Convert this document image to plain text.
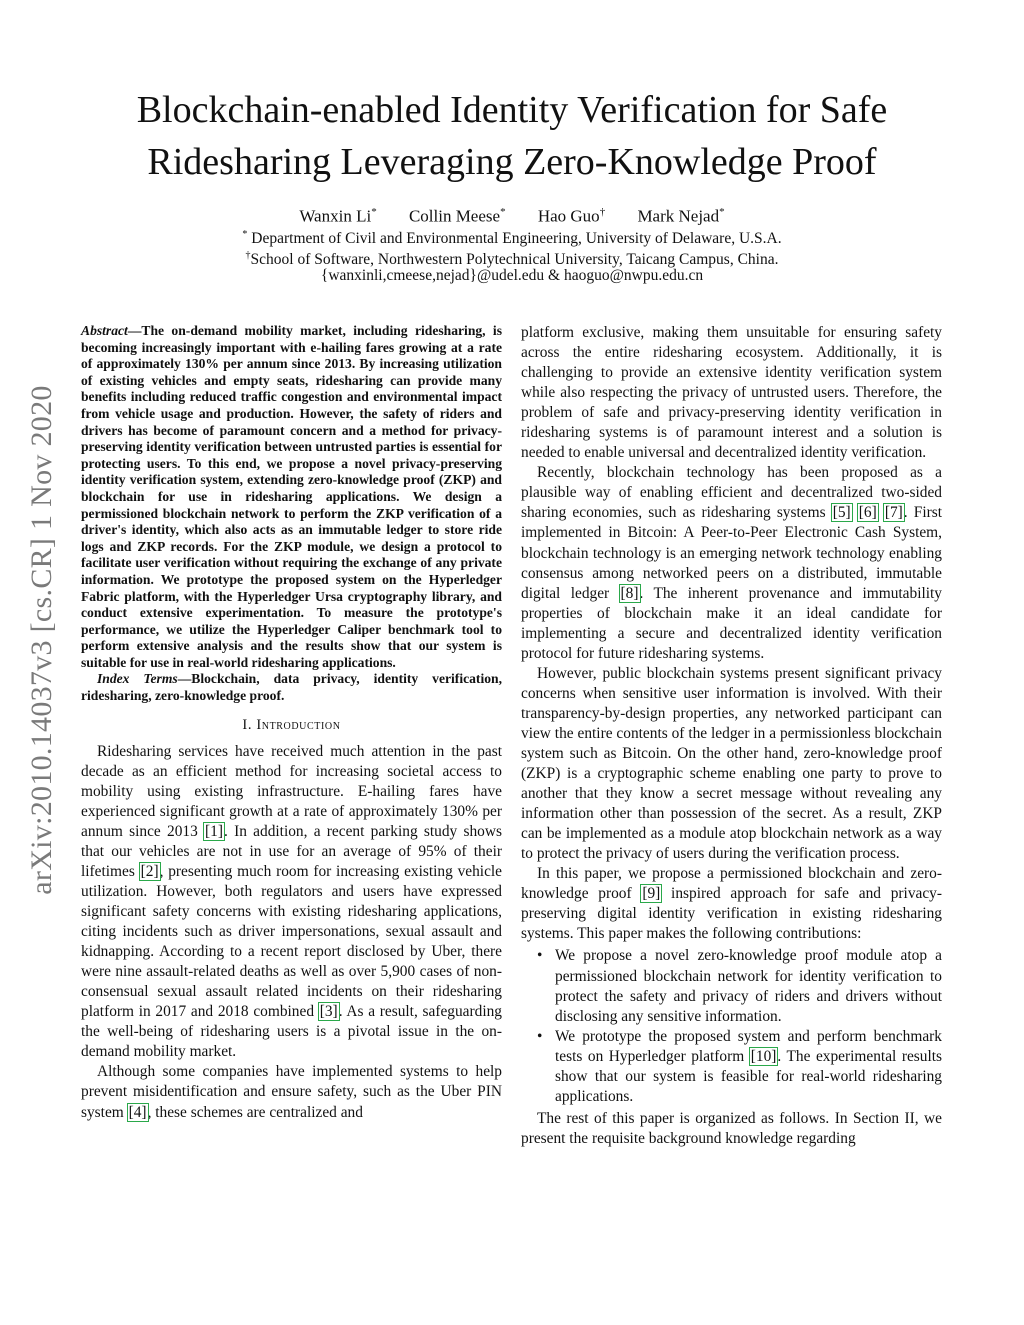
Blockchain-enabled Identity Verification for Safe Ridesharing Leveraging Zero-Knowledge Proof
Wanxin Li* Collin Meese* Hao Guo† Mark Nejad*
* Department of Civil and Environmental Engineering, University of Delaware, U.S.A.
†School of Software, Northwestern Polytechnical University, Taicang Campus, China.
{wanxinli,cmeese,nejad}@udel.edu & haoguo@nwpu.edu.cn
arXiv:2010.14037v3 [cs.CR] 1 Nov 2020

Abstract—The on-demand mobility market, including ridesharing, is becoming increasingly important with e-hailing fares growing at a rate of approximately 130% per annum since 2013. By increasing utilization of existing vehicles and empty seats, ridesharing can provide many benefits including reduced traffic congestion and environmental impact from vehicle usage and production. However, the safety of riders and drivers has become of paramount concern and a method for privacy-preserving identity verification between untrusted parties is essential for protecting users. To this end, we propose a novel privacy-preserving identity verification system, extending zero-knowledge proof (ZKP) and blockchain for use in ridesharing applications. We design a permissioned blockchain network to perform the ZKP verification of a driver's identity, which also acts as an immutable ledger to store ride logs and ZKP records. For the ZKP module, we design a protocol to facilitate user verification without requiring the exchange of any private information. We prototype the proposed system on the Hyperledger Fabric platform, with the Hyperledger Ursa cryptography library, and conduct extensive experimentation. To measure the prototype's performance, we utilize the Hyperledger Caliper benchmark tool to perform extensive analysis and the results show that our system is suitable for use in real-world ridesharing applications.

Index Terms—Blockchain, data privacy, identity verification, ridesharing, zero-knowledge proof.

I. Introduction

Ridesharing services have received much attention in the past decade as an efficient method for increasing societal access to mobility using existing infrastructure. E-hailing fares have experienced significant growth at a rate of approximately 130% per annum since 2013 [1]. In addition, a recent parking study shows that our vehicles are not in use for an average of 95% of their lifetimes [2], presenting much room for increasing existing vehicle utilization. However, both regulators and users have expressed significant safety concerns with existing ridesharing applications, citing incidents such as driver impersonations, sexual assault and kidnapping. According to a recent report disclosed by Uber, there were nine assault-related deaths as well as over 5,900 cases of non-consensual sexual assault related incidents on their ridesharing platform in 2017 and 2018 combined [3]. As a result, safeguarding the well-being of ridesharing users is a pivotal issue in the on-demand mobility market.

Although some companies have implemented systems to help prevent misidentification and ensure safety, such as the Uber PIN system [4], these schemes are centralized and

platform exclusive, making them unsuitable for ensuring safety across the entire ridesharing ecosystem. Additionally, it is challenging to provide an extensive identity verification system while also respecting the privacy of untrusted users. Therefore, the problem of safe and privacy-preserving identity verification in ridesharing systems is of paramount interest and a solution is needed to enable universal and decentralized identity verification.

Recently, blockchain technology has been proposed as a plausible way of enabling efficient and decentralized two-sided sharing economies, such as ridesharing systems [5] [6] [7]. First implemented in Bitcoin: A Peer-to-Peer Electronic Cash System, blockchain technology is an emerging network technology enabling consensus among networked peers on a distributed, immutable digital ledger [8]. The inherent provenance and immutability properties of blockchain make it an ideal candidate for implementing a secure and decentralized identity verification protocol for future ridesharing systems.

However, public blockchain systems present significant privacy concerns when sensitive user information is involved. With their transparency-by-design properties, any networked participant can view the entire contents of the ledger in a permissionless blockchain system such as Bitcoin. On the other hand, zero-knowledge proof (ZKP) is a cryptographic scheme enabling one party to prove to another that they know a secret message without revealing any information other than possession of the secret. As a result, ZKP can be implemented as a module atop blockchain network as a way to protect the privacy of users during the verification process.

In this paper, we propose a permissioned blockchain and zero-knowledge proof [9] inspired approach for safe and privacy-preserving digital identity verification in existing ridesharing systems. This paper makes the following contributions:

• We propose a novel zero-knowledge proof module atop a permissioned blockchain network for identity verification to protect the safety and privacy of riders and drivers without disclosing any sensitive information.
• We prototype the proposed system and perform benchmark tests on Hyperledger platform [10]. The experimental results show that our system is feasible for real-world ridesharing applications.

The rest of this paper is organized as follows. In Section II, we present the requisite background knowledge regarding
